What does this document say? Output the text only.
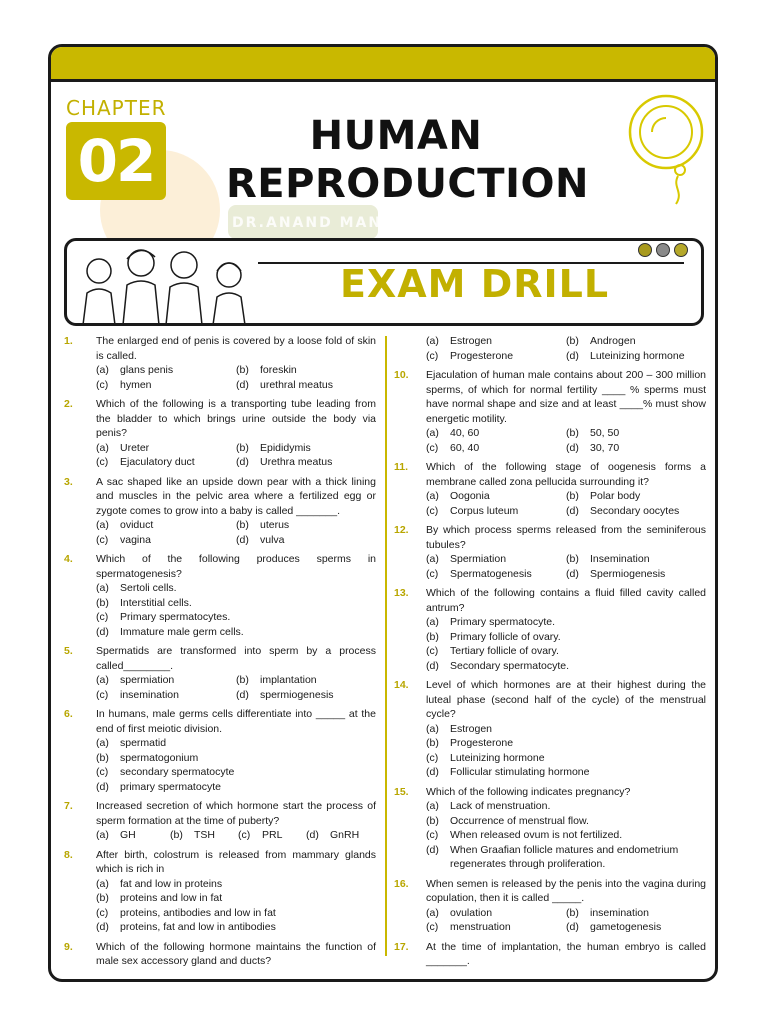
DR.ANAND MANI
CHAPTER
02	HUMAN
REPRODUCTION
EXAM DRILL
1. The enlarged end of penis is covered by a loose fold of skin is called.
(a)	glans penis	(b)	foreskin
(c)	hymen	(d)	urethral meatus
2. Which of the following is a transporting tube leading from the bladder to which brings urine outside the body via penis?
(a)	Ureter	(b)	Epididymis
(c)	Ejaculatory duct	(d)	Urethra meatus
3. A sac shaped like an upside down pear with a thick lining and muscles in the pelvic area where a fertilized egg or zygote comes to grow into a baby is called _______.
(a)	oviduct	(b)	uterus
(c)	vagina	(d)	vulva
4. Which of the following produces sperms in spermatogenesis?
(a)	Sertoli cells.
(b)	Interstitial cells.
(c)	Primary spermatocytes.
(d)	Immature male germ cells.
5. Spermatids are transformed into sperm by a process called________.
(a)	spermiation	(b)	implantation
(c)	insemination	(d)	spermiogenesis
6. In humans, male germs cells differentiate into _____ at the end of first meiotic division.
(a)	spermatid
(b)	spermatogonium
(c)	secondary spermatocyte
(d)	primary spermatocyte
7. Increased secretion of which hormone start the process of sperm formation at the time of puberty?
(a)	GH	(b)	TSH (c)	PRL (d)	GnRH
8. After birth, colostrum is released from mammary glands which is rich in
(a)	fat and low in proteins
(b)	proteins and low in fat
(c)	proteins, antibodies and low in fat
(d)	proteins, fat and low in antibodies
9. Which of the following hormone maintains the function of male sex accessory gland and ducts?
(a)	Estrogen	(b)	Androgen
(c)	Progesterone	(d)	Luteinizing hormone
10. Ejaculation of human male contains about 200 – 300 million sperms, of which for normal fertility ____ % sperms must have normal shape and size and at least ____% must show energetic motility.
(a)	40, 60	(b)	50, 50
(c)	60, 40	(d)	30, 70
11. Which of the following stage of oogenesis forms a membrane called zona pellucida surrounding it?
(a)	Oogonia	(b)	Polar body
(c)	Corpus luteum	(d)	Secondary oocytes
12. By which process sperms released from the seminiferous tubules?
(a)	Spermiation	(b)	Insemination
(c)	Spermatogenesis	(d)	Spermiogenesis
13. Which of the following contains a fluid filled cavity called antrum?
(a)	Primary spermatocyte.
(b)	Primary follicle of ovary.
(c)	Tertiary follicle of ovary.
(d)	Secondary spermatocyte.
14. Level of which hormones are at their highest during the luteal phase (second half of the cycle) of the menstrual cycle?
(a)	Estrogen
(b)	Progesterone
(c)	Luteinizing hormone
(d)	Follicular stimulating hormone
15. Which of the following indicates pregnancy?
(a)	Lack of menstruation.
(b)	Occurrence of menstrual flow.
(c)	When released ovum is not fertilized.
(d)	When Graafian follicle matures and endometrium regenerates through proliferation.
16. When semen is released by the penis into the vagina during copulation, then it is called _____.
(a)	ovulation	(b)	insemination
(c)	menstruation	(d)	gametogenesis
17. At the time of implantation, the human embryo is called _______.
